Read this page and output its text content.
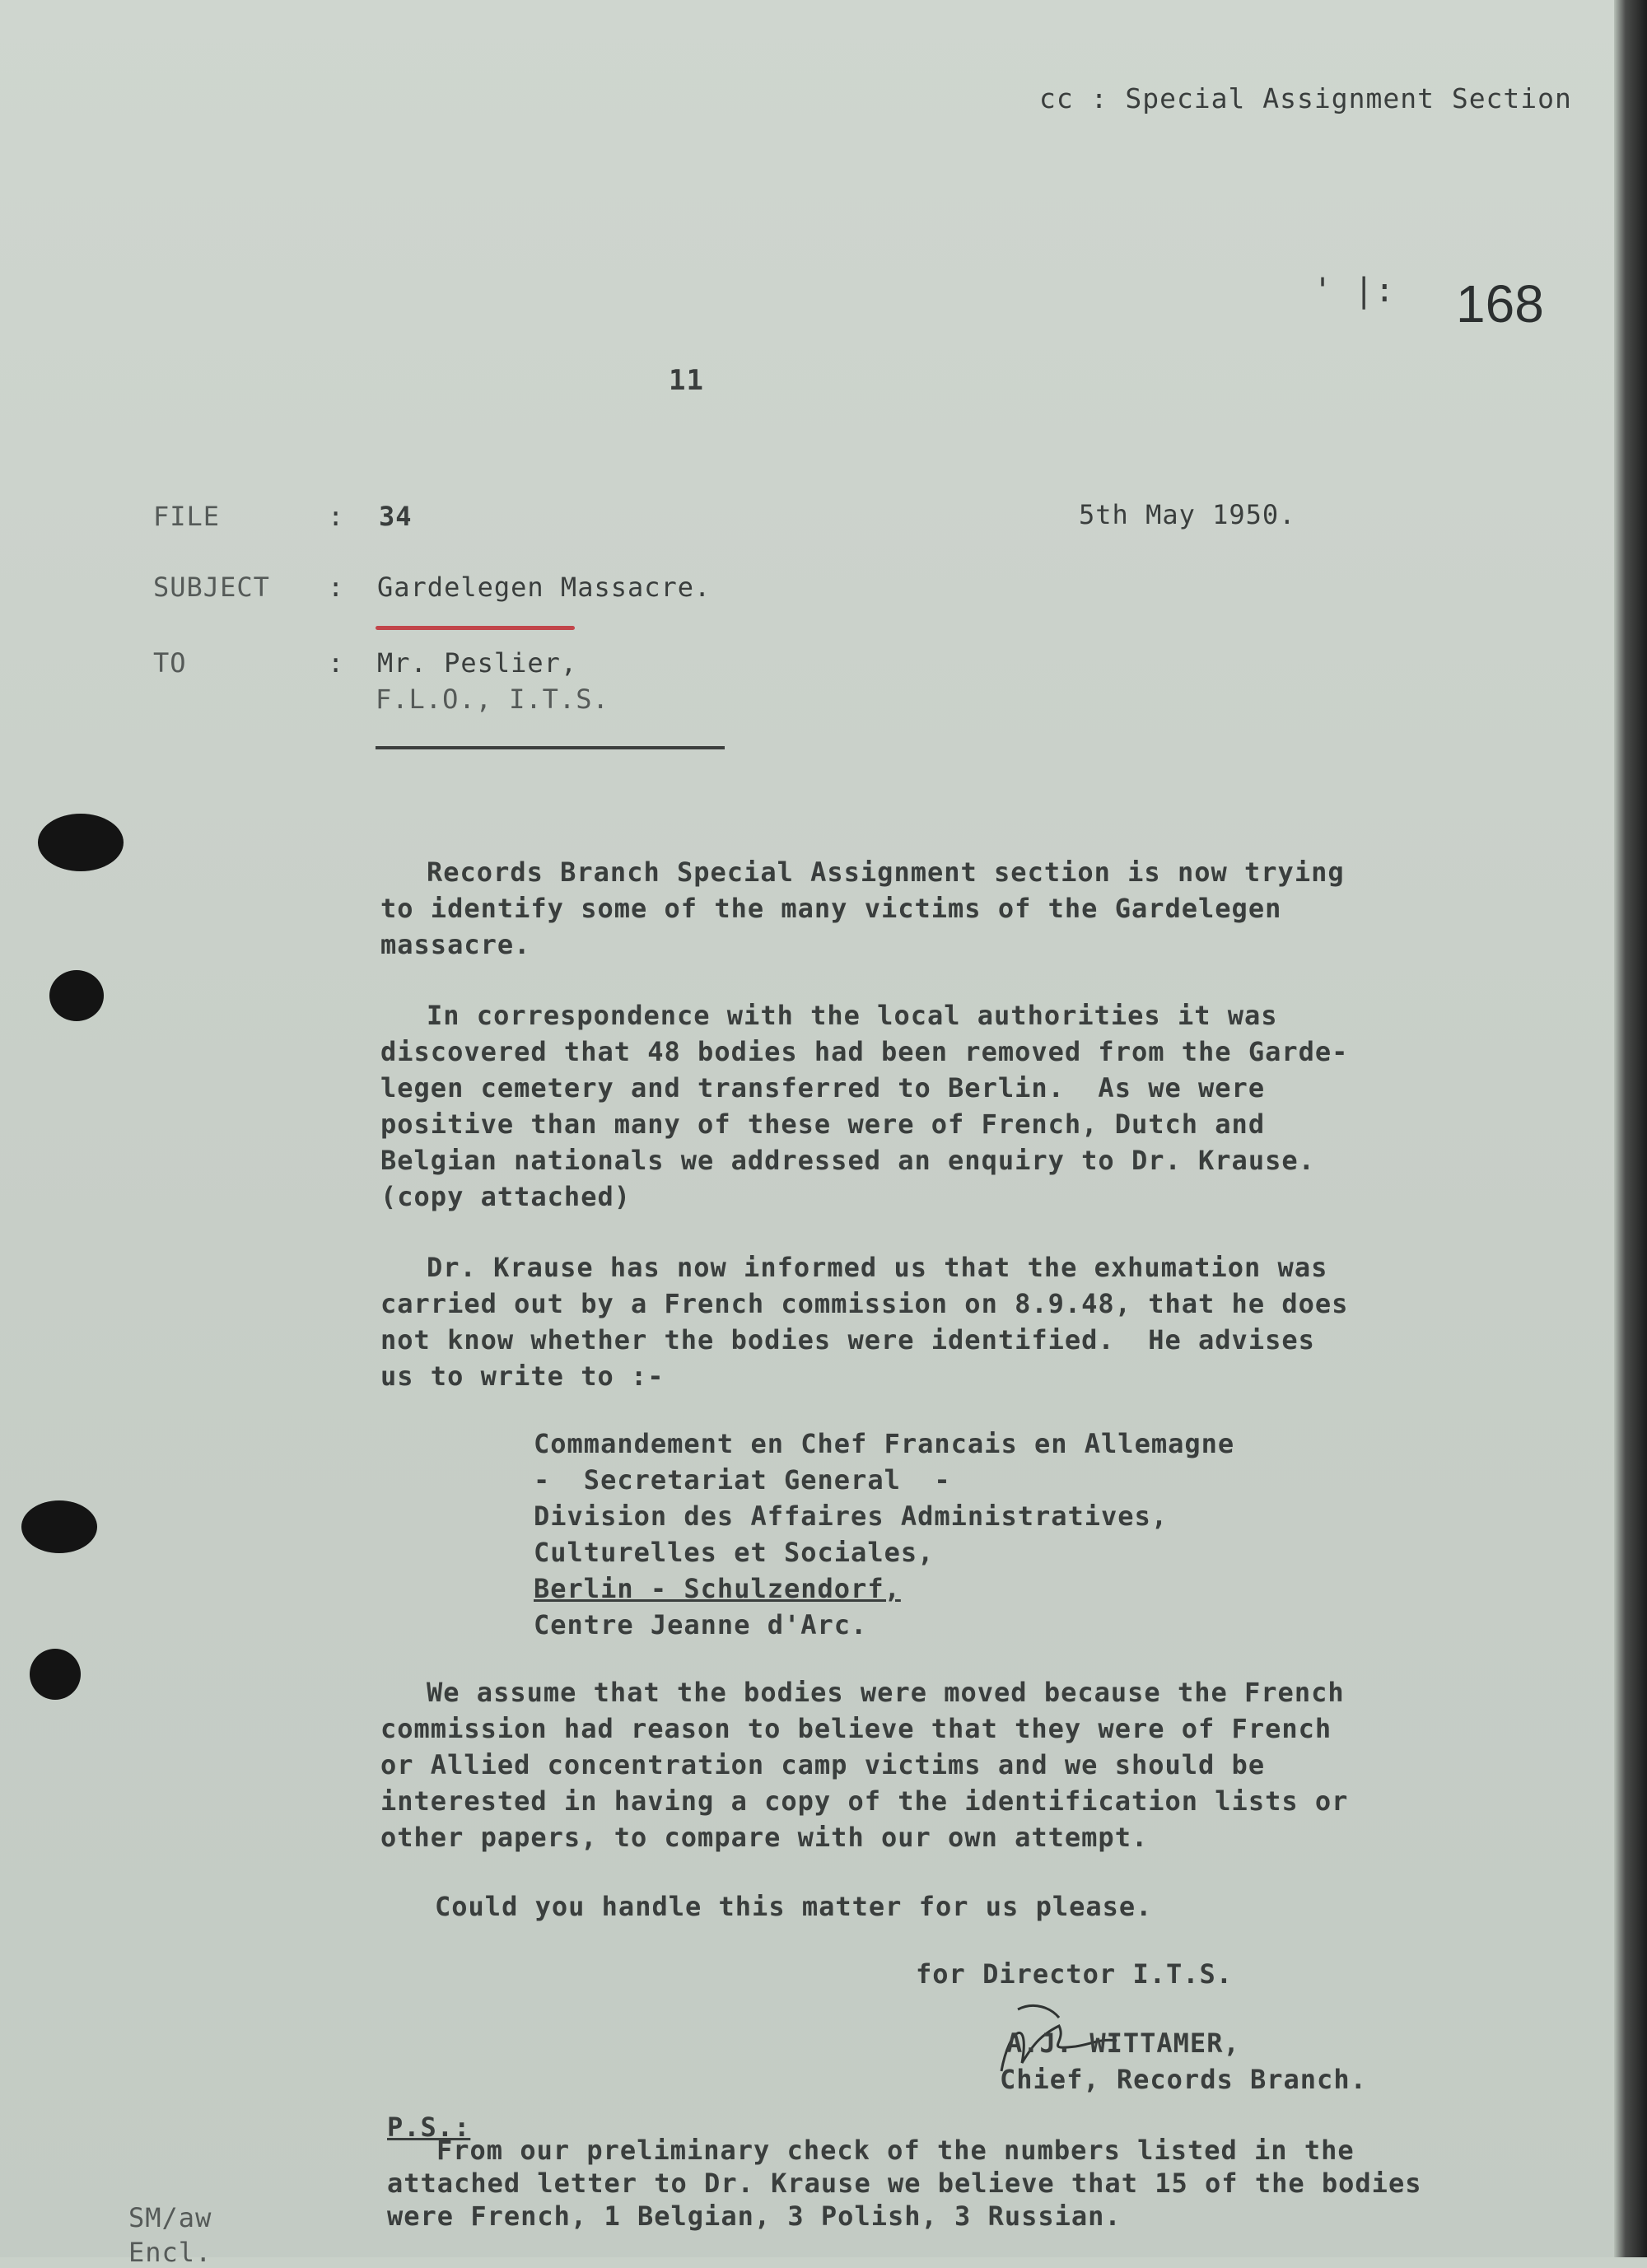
cc : Special Assignment Section
' |: 168
11
FILE	: 34	5th May 1950.
SUBJECT : Gardelegen Massacre.
TO	: Mr. Peslier,
F.L.O., I.T.S.
Records Branch Special Assignment section is now trying
to identify some of the many victims of the Gardelegen
massacre.
In correspondence with the local authorities it was
discovered that 48 bodies had been removed from the Garde-
legen cemetery and transferred to Berlin.  As we were
positive than many of these were of French, Dutch and
Belgian nationals we addressed an enquiry to Dr. Krause.
(copy attached)
Dr. Krause has now informed us that the exhumation was
carried out by a French commission on 8.9.48, that he does
not know whether the bodies were identified.  He advises
us to write to :-
Commandement en Chef Francais en Allemagne
-  Secretariat General  -
Division des Affaires Administratives,
Culturelles et Sociales,
Berlin - Schulzendorf,
Centre Jeanne d'Arc.
We assume that the bodies were moved because the French
commission had reason to believe that they were of French
or Allied concentration camp victims and we should be
interested in having a copy of the identification lists or
other papers, to compare with our own attempt.
Could you handle this matter for us please.
for Director I.T.S.
A.J. WITTAMER,
Chief, Records Branch.
P.S.:
From our preliminary check of the numbers listed in the
attached letter to Dr. Krause we believe that 15 of the bodies
were French, 1 Belgian, 3 Polish, 3 Russian.
SM/aw
Encl.
